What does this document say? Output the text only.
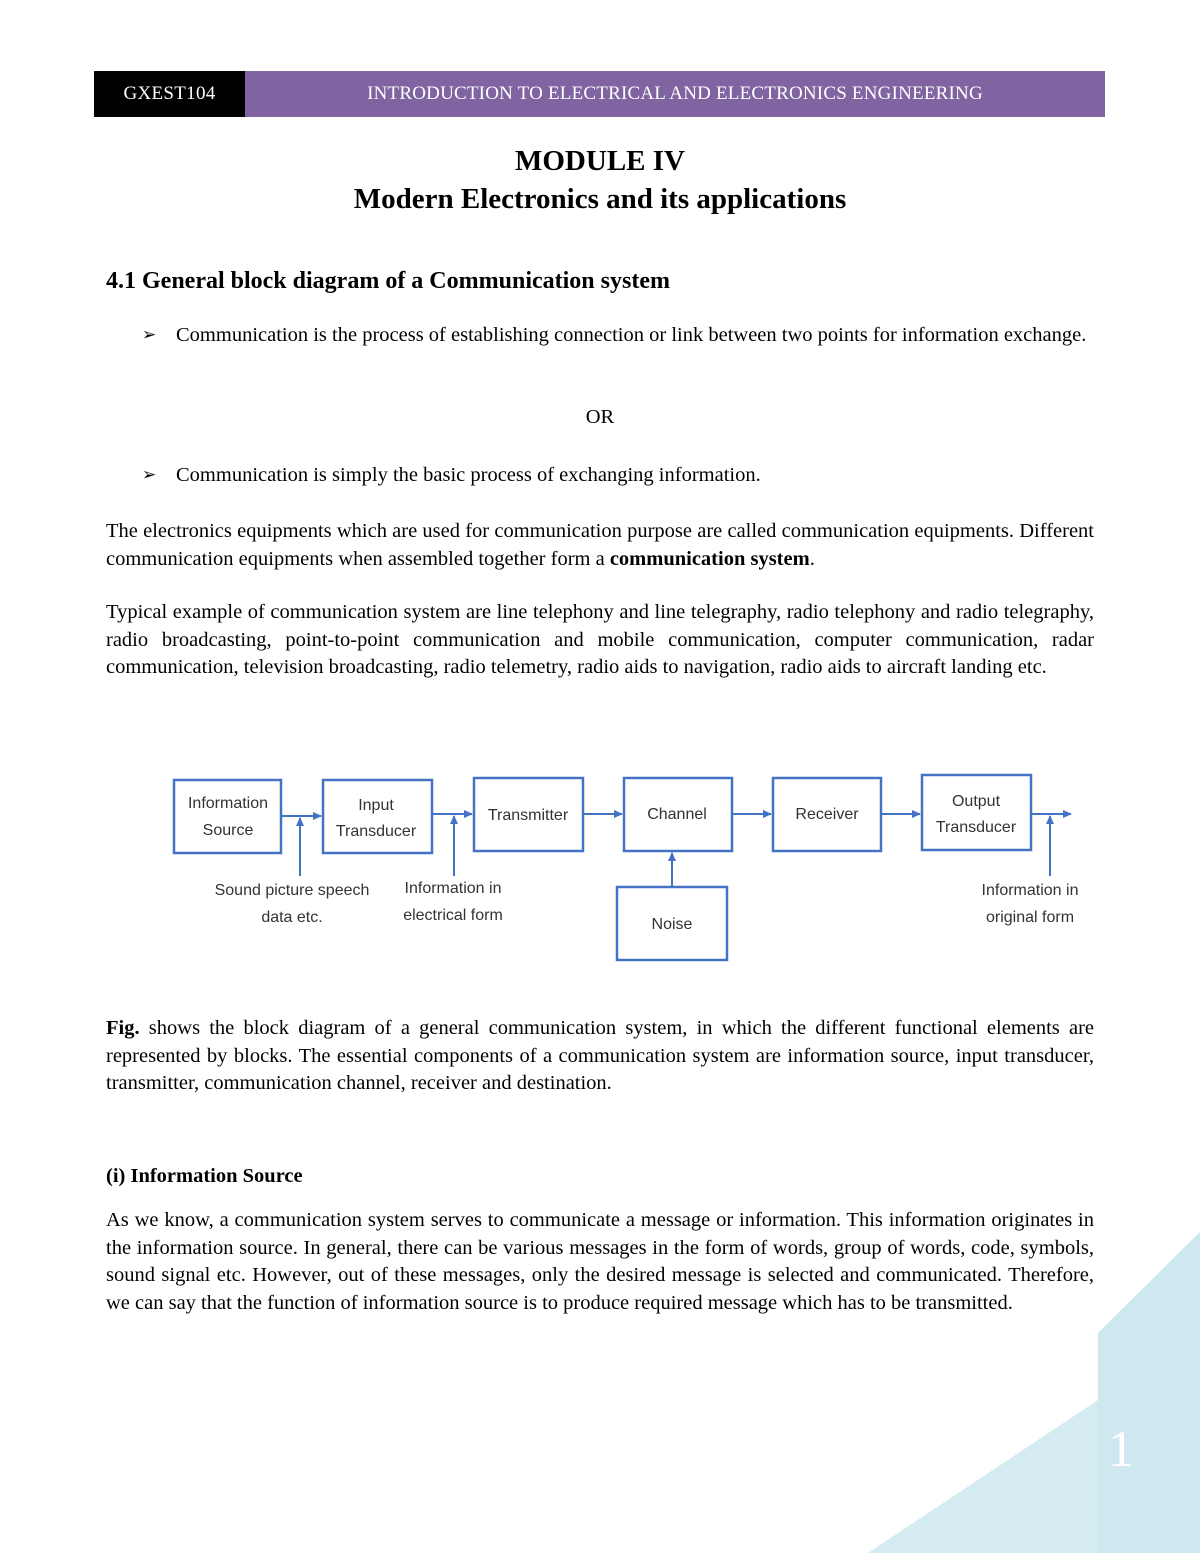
GXEST104	INTRODUCTION TO ELECTRICAL AND ELECTRONICS ENGINEERING
MODULE IV
Modern Electronics and its applications
4.1 General block diagram of a Communication system
➢ Communication is the process of establishing connection or link between two points for information exchange.
OR
➢ Communication is simply the basic process of exchanging information.
The electronics equipments which are used for communication purpose are called communication equipments. Different communication equipments when assembled together form a communication system.
Typical example of communication system are line telephony and line telegraphy, radio telephony and radio telegraphy, radio broadcasting, point-to-point communication and mobile communication, computer communication, radar communication, television broadcasting, radio telemetry, radio aids to navigation, radio aids to aircraft landing etc.
Information
Source
Input
Transducer
Transmitter	Channel	Receiver
Output
Transducer
Noise
Sound picture speech
data etc.
Information in
electrical form
Information in
original form
Fig. shows the block diagram of a general communication system, in which the different functional elements are represented by blocks. The essential components of a communication system are information source, input transducer, transmitter, communication channel, receiver and destination.
(i) Information Source
As we know, a communication system serves to communicate a message or information. This information originates in the information source. In general, there can be various messages in the form of words, group of words, code, symbols, sound signal etc. However, out of these messages, only the desired message is selected and communicated. Therefore, we can say that the function of information source is to produce required message which has to be transmitted.
1
